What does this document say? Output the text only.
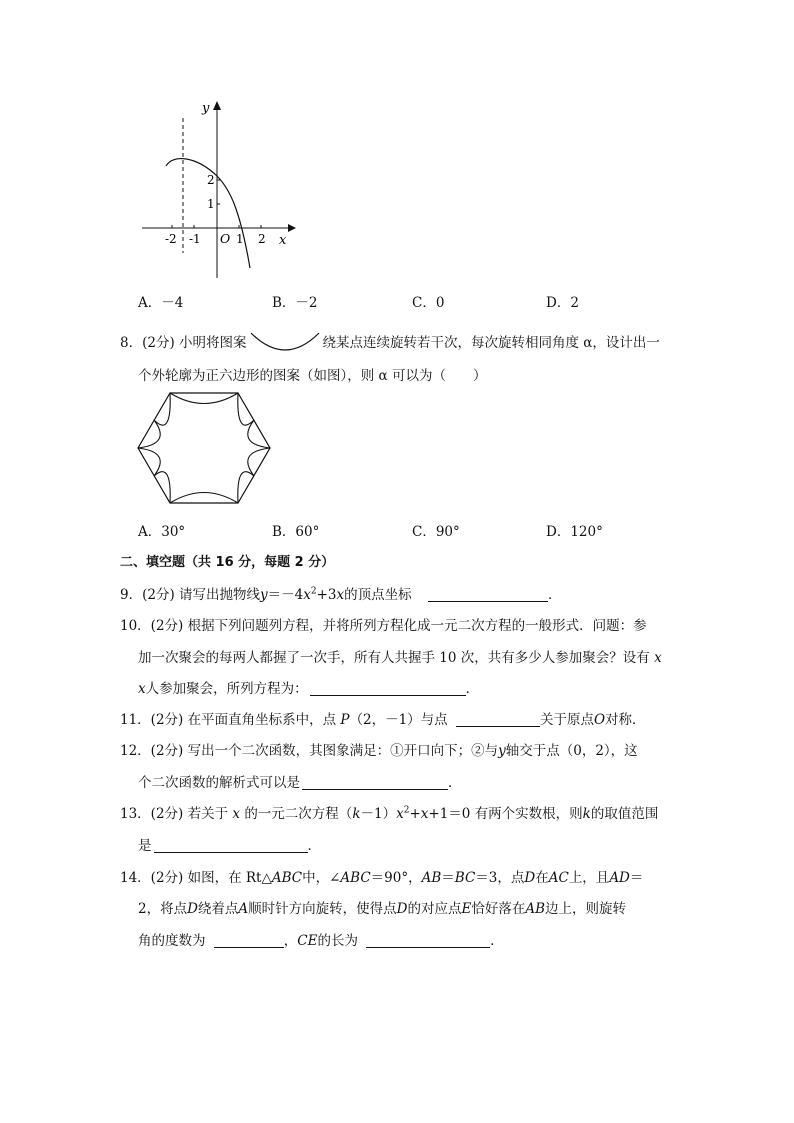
y
x
O
-2 -1	1 2
1
2
A．－4	B．－2	C．0	D．2
8．(2分) 小明将图案	绕某点连续旋转若干次，每次旋转相同角度 α，设计出一
个外轮廓为正六边形的图案（如图），则 α 可以为（　　）
A．30°	B．60°	C．90°	D．120°
二、填空题（共 16 分，每题 2 分）
9．(2分) 请写出抛物线$y=-4x^2+3x$的顶点坐标	．
10．(2分) 根据下列问题列方程，并将所列方程化成一元二次方程的一般形式．问题：参
加一次聚会的每两人都握了一次手，所有人共握手 10 次，共有多少人参加聚会？设有 x
x人参加聚会，所列方程为：	．
11．(2分) 在平面直角坐标系中，点 P（2，－1）与点	关于原点O对称．
12．(2分) 写出一个二次函数，其图象满足：①开口向下；②与y轴交于点（0，2），这
个二次函数的解析式可以是	．
13．(2分) 若关于 x 的一元二次方程$(k-1)x^2+x+1=0$ 有两个实数根，则k的取值范围
是	．
14．(2分) 如图，在 Rt△ABC中，∠ABC＝90°，AB＝BC＝3，点D在AC上，且AD＝
2，将点D绕着点A顺时针方向旋转，使得点D的对应点E恰好落在AB边上，则旋转
角的度数为	，CE的长为	．
